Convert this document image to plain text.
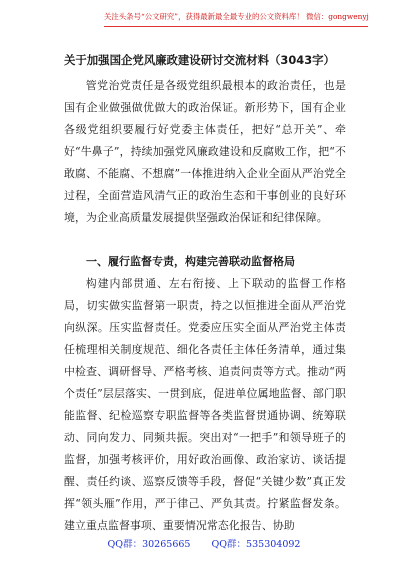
关注头条号“公文研究”，获得最新最全最专业的公文资料库！ 微信：gongwenyj
关于加强国企党风廉政建设研讨交流材料（3043字）

管党治党责任是各级党组织最根本的政治责任，也是国有企业做强做优做大的政治保证。新形势下，国有企业各级党组织要履行好党委主体责任，把好“总开关”、牵好“牛鼻子”，持续加强党风廉政建设和反腐败工作，把“不敢腐、不能腐、不想腐”一体推进纳入企业全面从严治党全过程，全面营造风清气正的政治生态和干事创业的良好环境，为企业高质量发展提供坚强政治保证和纪律保障。

一、履行监督专责，构建完善联动监督格局

构建内部贯通、左右衔接、上下联动的监督工作格局，切实做实监督第一职责，持之以恒推进全面从严治党向纵深。压实监督责任。党委应压实全面从严治党主体责任梳理相关制度规范、细化各责任主体任务清单，通过集中检查、调研督导、严格考核、追责问责等方式。推动“两个责任”层层落实、一贯到底，促进单位属地监督、部门职能监督、纪检巡察专职监督等各类监督贯通协调、统筹联动、同向发力、同频共振。突出对“一把手”和领导班子的监督，加强考核评价，用好政治画像、政治家访、谈话提醒、责任约谈、巡察反馈等手段，督促“关键少数”真正发挥“领头雁”作用，严于律己、严负其责。拧紧监督发条。建立重点监督事项、重要情况常态化报告、协助

QQ群：30265665 QQ群：535304092
